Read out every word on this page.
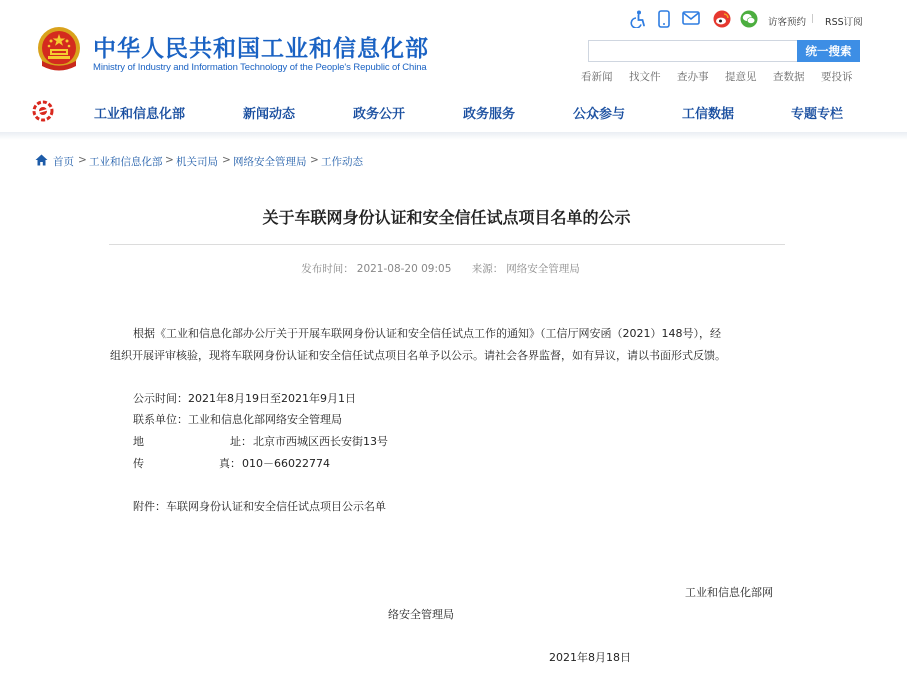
中华人民共和国工业和信息化部
Ministry of Industry and Information Technology of the People's Republic of China
访客预约 | RSS订阅
统一搜索
看新闻 找文件 查办事 提意见 查数据 要投诉
工业和信息化部	新闻动态	政务公开	政务服务	公众参与	工信数据	专题专栏
首页 > 工业和信息化部 > 机关司局 > 网络安全管理局 > 工作动态
关于车联网身份认证和安全信任试点项目名单的公示
发布时间： 2021-08-20 09:05 来源： 网络安全管理局
根据《工业和信息化部办公厅关于开展车联网身份认证和安全信任试点工作的通知》（工信厅网安函（2021）148号），经
组织开展评审核验，现将车联网身份认证和安全信任试点项目名单予以公示。请社会各界监督，如有异议，请以书面形式反馈。
公示时间：2021年8月19日至2021年9月1日
联系单位：工业和信息化部网络安全管理局
地	址： 北京市西城区西长安街13号
传	真： 010－66022774
附件：车联网身份认证和安全信任试点项目公示名单
工业和信息化部网
络安全管理局
2021年8月18日
